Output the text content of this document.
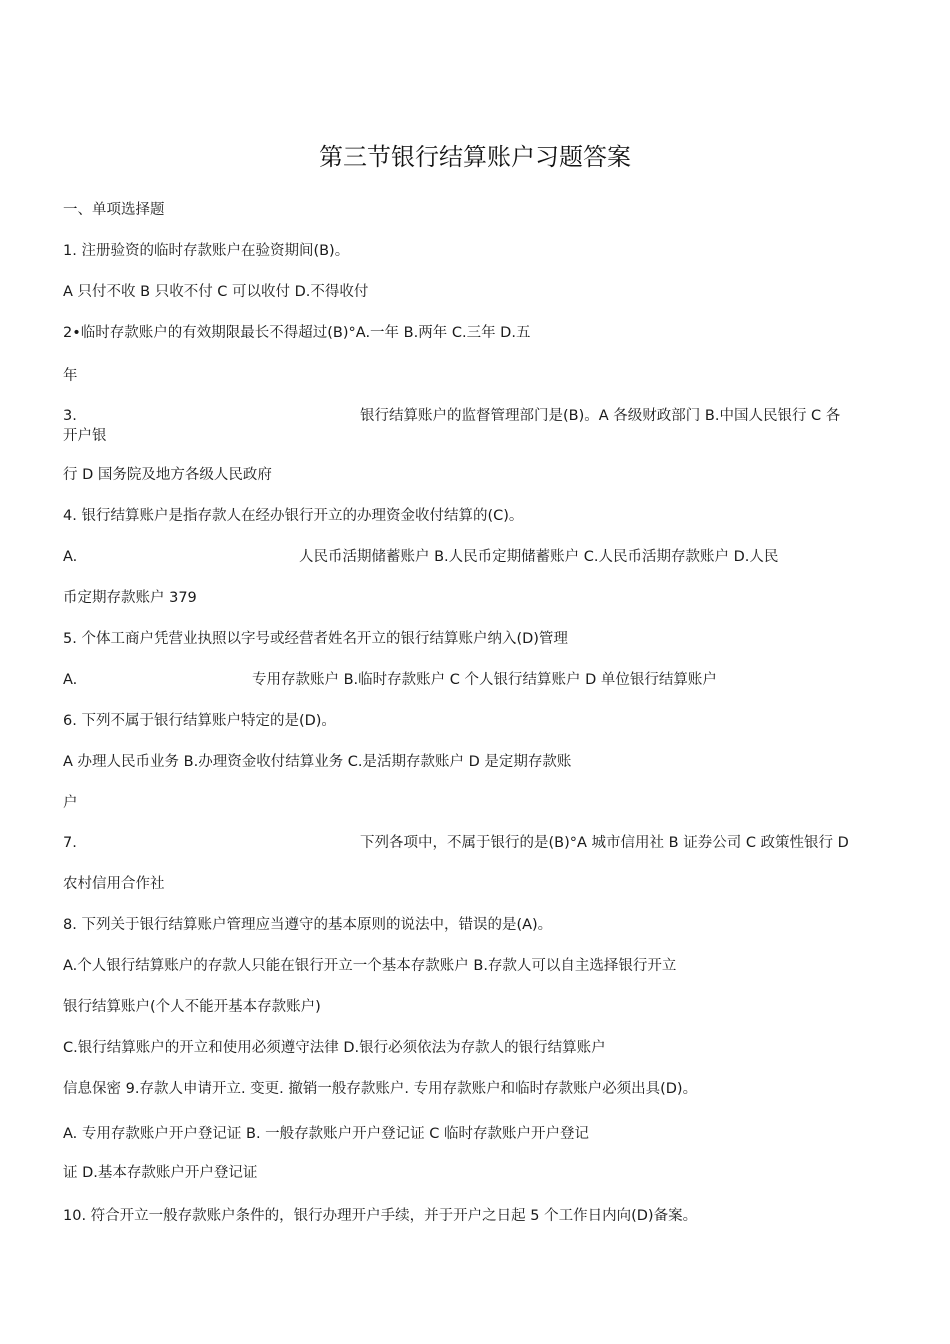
第三节银行结算账户习题答案
一、单项选择题
1. 注册验资的临时存款账户在验资期间(B)。
A 只付不收 B 只收不付 C 可以收付 D.不得收付
2•临时存款账户的有效期限最长不得超过(B)°A.一年 B.两年 C.三年 D.五
年
3.	银行结算账户的监督管理部门是(B)。A 各级财政部门 B.中国人民银行 C 各
开户银
行 D 国务院及地方各级人民政府
4. 银行结算账户是指存款人在经办银行开立的办理资金收付结算的(C)。
A.	人民币活期储蓄账户 B.人民币定期储蓄账户 C.人民币活期存款账户 D.人民
币定期存款账户 379
5. 个体工商户凭营业执照以字号或经营者姓名开立的银行结算账户纳入(D)管理
A.	专用存款账户 B.临时存款账户 C 个人银行结算账户 D 单位银行结算账户
6. 下列不属于银行结算账户特定的是(D)。
A 办理人民币业务 B.办理资金收付结算业务 C.是活期存款账户 D 是定期存款账
户
7.	下列各项中，不属于银行的是(B)°A 城市信用社 B 证券公司 C 政策性银行 D
农村信用合作社
8. 下列关于银行结算账户管理应当遵守的基本原则的说法中，错误的是(A)。
A.个人银行结算账户的存款人只能在银行开立一个基本存款账户 B.存款人可以自主选择银行开立
银行结算账户(个人不能开基本存款账户)
C.银行结算账户的开立和使用必须遵守法律 D.银行必须依法为存款人的银行结算账户
信息保密 9.存款人申请开立. 变更. 撤销一般存款账户. 专用存款账户和临时存款账户必须出具(D)。
A. 专用存款账户开户登记证 B. 一般存款账户开户登记证 C 临时存款账户开户登记
证 D.基本存款账户开户登记证
10. 符合开立一般存款账户条件的，银行办理开户手续，并于开户之日起 5 个工作日内向(D)备案。
